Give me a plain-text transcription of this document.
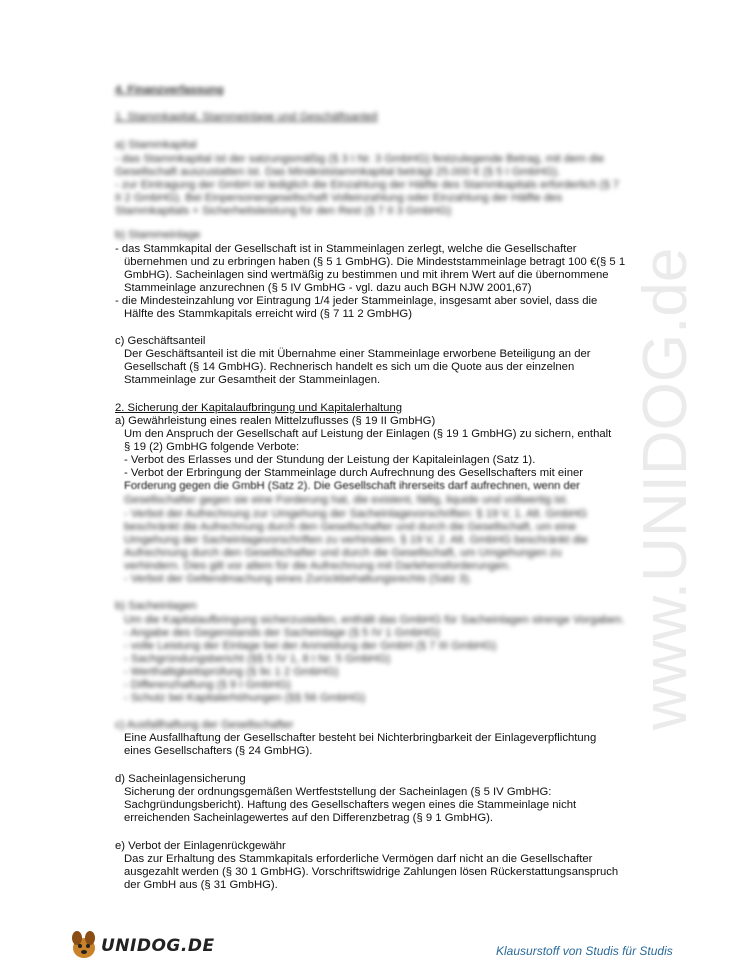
www.UNIDOG.de
4. Finanzverfassung
1. Stammkapital, Stammeinlage und Geschäftsanteil
a) Stammkapital
- das Stammkapital ist der satzungsmäßig (§ 3 I Nr. 3 GmbHG) festzulegende Betrag, mit dem die
Gesellschaft auszustatten ist. Das Mindeststammkapital beträgt 25.000 € (§ 5 I GmbHG).
- zur Eintragung der GmbH ist lediglich die Einzahlung der Hälfte des Stammkapitals erforderlich (§ 7
II 2 GmbHG). Bei Einpersonengesellschaft Volleinzahlung oder Einzahlung der Hälfte des
Stammkapitals + Sicherheitsleistung für den Rest (§ 7 II 3 GmbHG)
b) Stammeinlage
- das Stammkapital der Gesellschaft ist in Stammeinlagen zerlegt, welche die Gesellschafter
übernehmen und zu erbringen haben (§ 5 1 GmbHG). Die Mindeststammeinlage betragt 100 €(§ 5 1
GmbHG). Sacheinlagen sind wertmäßig zu bestimmen und mit ihrem Wert auf die übernommene
Stammeinlage anzurechnen (§ 5 IV GmbHG - vgl. dazu auch BGH NJW 2001,67)
- die Mindesteinzahlung vor Eintragung 1/4 jeder Stammeinlage, insgesamt aber soviel, dass die
Hälfte des Stammkapitals erreicht wird (§ 7 11 2 GmbHG)
c) Geschäftsanteil
Der Geschäftsanteil ist die mit Übernahme einer Stammeinlage erworbene Beteiligung an der
Gesellschaft (§ 14 GmbHG). Rechnerisch handelt es sich um die Quote aus der einzelnen
Stammeinlage zur Gesamtheit der Stammeinlagen.
2. Sicherung der Kapitalaufbringung und Kapitalerhaltung
a) Gewährleistung eines realen Mittelzuflusses (§ 19 II GmbHG)
Um den Anspruch der Gesellschaft auf Leistung der Einlagen (§ 19 1 GmbHG) zu sichern, enthalt
§ 19 (2) GmbHG folgende Verbote:
- Verbot des Erlasses und der Stundung der Leistung der Kapitaleinlagen (Satz 1).
- Verbot der Erbringung der Stammeinlage durch Aufrechnung des Gesellschafters mit einer
Forderung gegen die GmbH (Satz 2). Die Gesellschaft ihrerseits darf aufrechnen, wenn der
Gesellschafter gegen sie eine Forderung hat, die existent, fällig, liquide und vollwertig ist.
- Verbot der Aufrechnung zur Umgehung der Sacheinlagevorschriften: § 19 V, 1. Alt. GmbHG
beschränkt die Aufrechnung durch den Gesellschafter und durch die Gesellschaft, um eine
Umgehung der Sacheinlagevorschriften zu verhindern. § 19 V, 2. Alt. GmbHG beschränkt die
Aufrechnung durch den Gesellschafter und durch die Gesellschaft, um Umgehungen zu
verhindern. Dies gilt vor allem für die Aufrechnung mit Darlehensforderungen.
- Verbot der Geltendmachung eines Zurückbehaltungsrechts (Satz 3).
b) Sacheinlagen
Um die Kapitalaufbringung sicherzustellen, enthält das GmbHG für Sacheinlagen strenge Vorgaben.
- Angabe des Gegenstands der Sacheinlage (§ 5 IV 1 GmbHG)
- volle Leistung der Einlage bei der Anmeldung der GmbH (§ 7 III GmbHG)
- Sachgründungsbericht (§§ 5 IV 1, 8 I Nr. 5 GmbHG)
- Werthaltigkeitsprüfung (§ 9c 1 2 GmbHG)
- Differenzhaftung (§ 9 I GmbHG)
- Schutz bei Kapitalerhöhungen (§§ 56 GmbHG)
c) Ausfallhaftung der Gesellschafter
Eine Ausfallhaftung der Gesellschafter besteht bei Nichterbringbarkeit der Einlageverpflichtung
eines Gesellschafters (§ 24 GmbHG).
d) Sacheinlagensicherung
Sicherung der ordnungsgemäßen Wertfeststellung der Sacheinlagen (§ 5 IV GmbHG:
Sachgründungsbericht). Haftung des Gesellschafters wegen eines die Stammeinlage nicht
erreichenden Sacheinlagewertes auf den Differenzbetrag (§ 9 1 GmbHG).
e) Verbot der Einlagenrückgewähr
Das zur Erhaltung des Stammkapitals erforderliche Vermögen darf nicht an die Gesellschafter
ausgezahlt werden (§ 30 1 GmbHG). Vorschriftswidrige Zahlungen lösen Rückerstattungsanspruch
der GmbH aus (§ 31 GmbHG).
UNIDOG.DE	Klausurstoff von Studis für Studis
